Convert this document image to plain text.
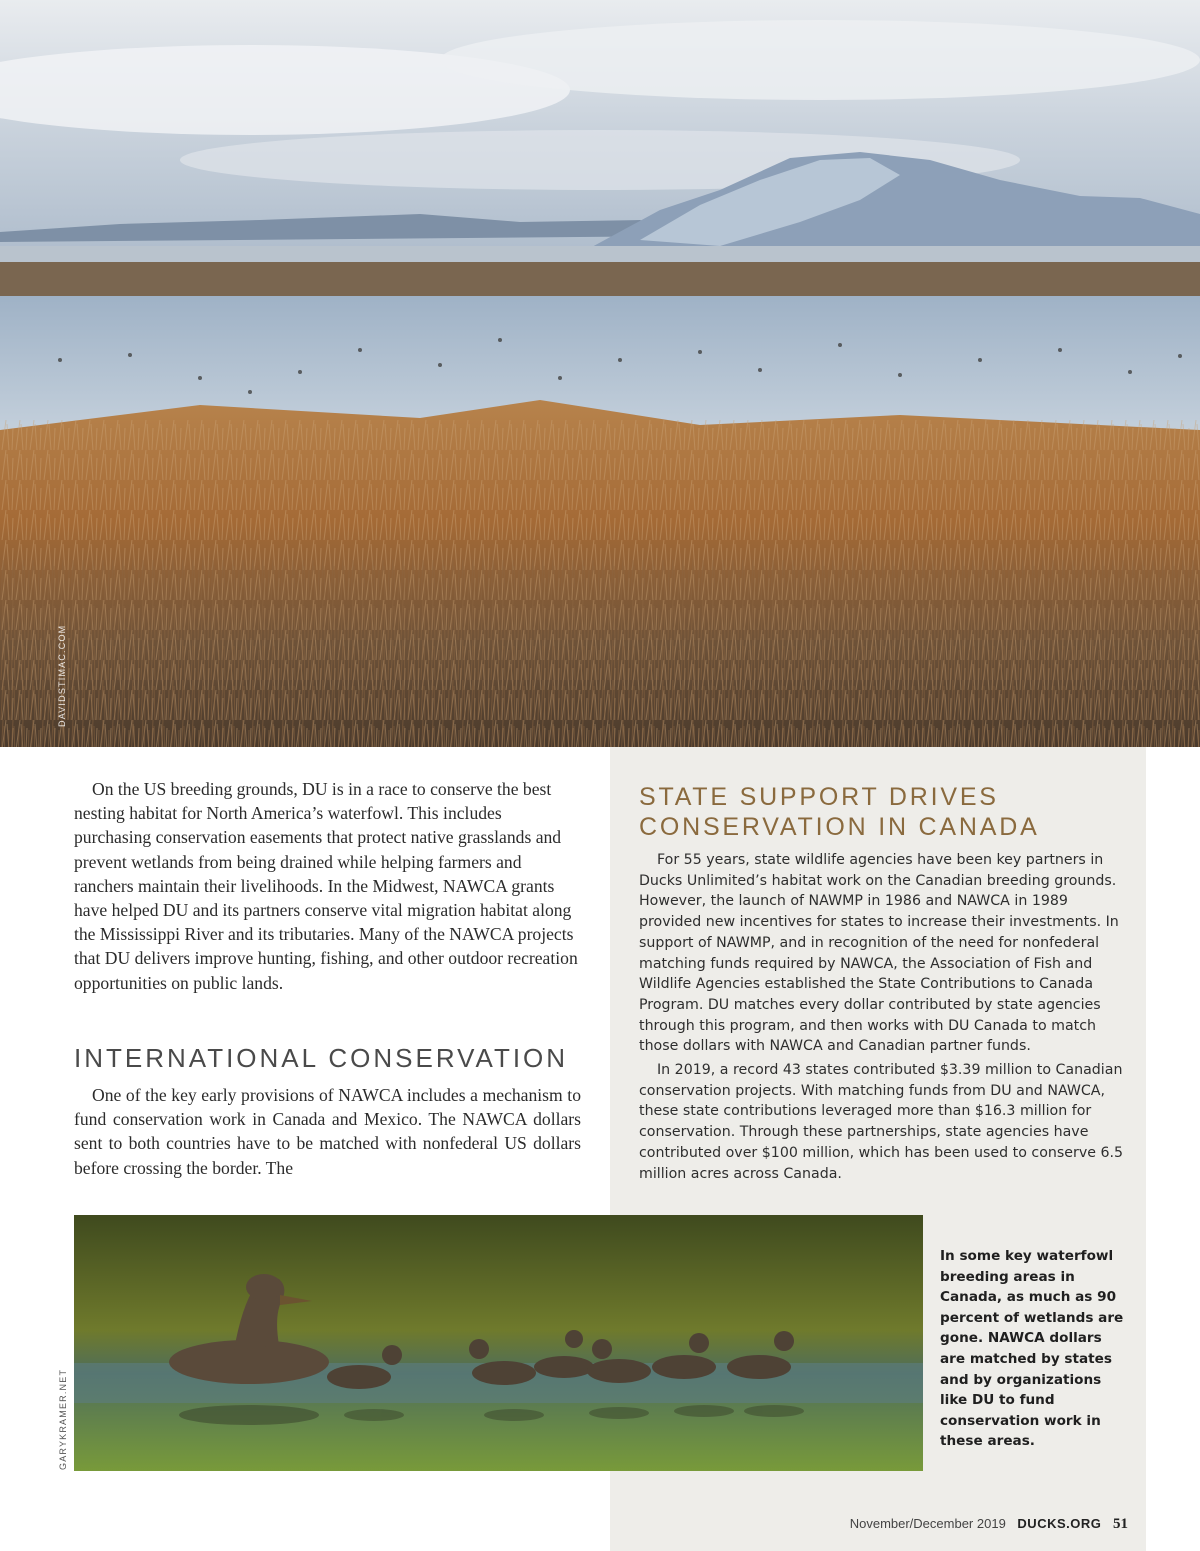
DAVIDSTIMAC.COM

On the US breeding grounds, DU is in a race to conserve the best nesting habitat for North America’s waterfowl. This includes purchasing conservation easements that protect native grasslands and prevent wetlands from being drained while helping farmers and ranchers maintain their livelihoods. In the Midwest, NAWCA grants have helped DU and its partners conserve vital migration habitat along the Mississippi River and its tributaries. Many of the NAWCA projects that DU delivers improve hunting, fishing, and other outdoor recreation opportunities on public lands.

INTERNATIONAL CONSERVATION

One of the key early provisions of NAWCA includes a mechanism to fund conservation work in Canada and Mexico. The NAWCA dollars sent to both countries have to be matched with nonfederal US dollars before crossing the border. The

STATE SUPPORT DRIVES CONSERVATION IN CANADA

For 55 years, state wildlife agencies have been key partners in Ducks Unlimited’s habitat work on the Canadian breeding grounds. However, the launch of NAWMP in 1986 and NAWCA in 1989 provided new incentives for states to increase their investments. In support of NAWMP, and in recognition of the need for nonfederal matching funds required by NAWCA, the Association of Fish and Wildlife Agencies established the State Contributions to Canada Program. DU matches every dollar contributed by state agencies through this program, and then works with DU Canada to match those dollars with NAWCA and Canadian partner funds.

In 2019, a record 43 states contributed $3.39 million to Canadian conservation projects. With matching funds from DU and NAWCA, these state contributions leveraged more than $16.3 million for conservation. Through these partnerships, state agencies have contributed over $100 million, which has been used to conserve 6.5 million acres across Canada.

GARYKRAMER.NET

In some key waterfowl breeding areas in Canada, as much as 90 percent of wetlands are gone. NAWCA dollars are matched by states and by organizations like DU to fund conservation work in these areas.

November/December 2019 DUCKS.ORG 51
